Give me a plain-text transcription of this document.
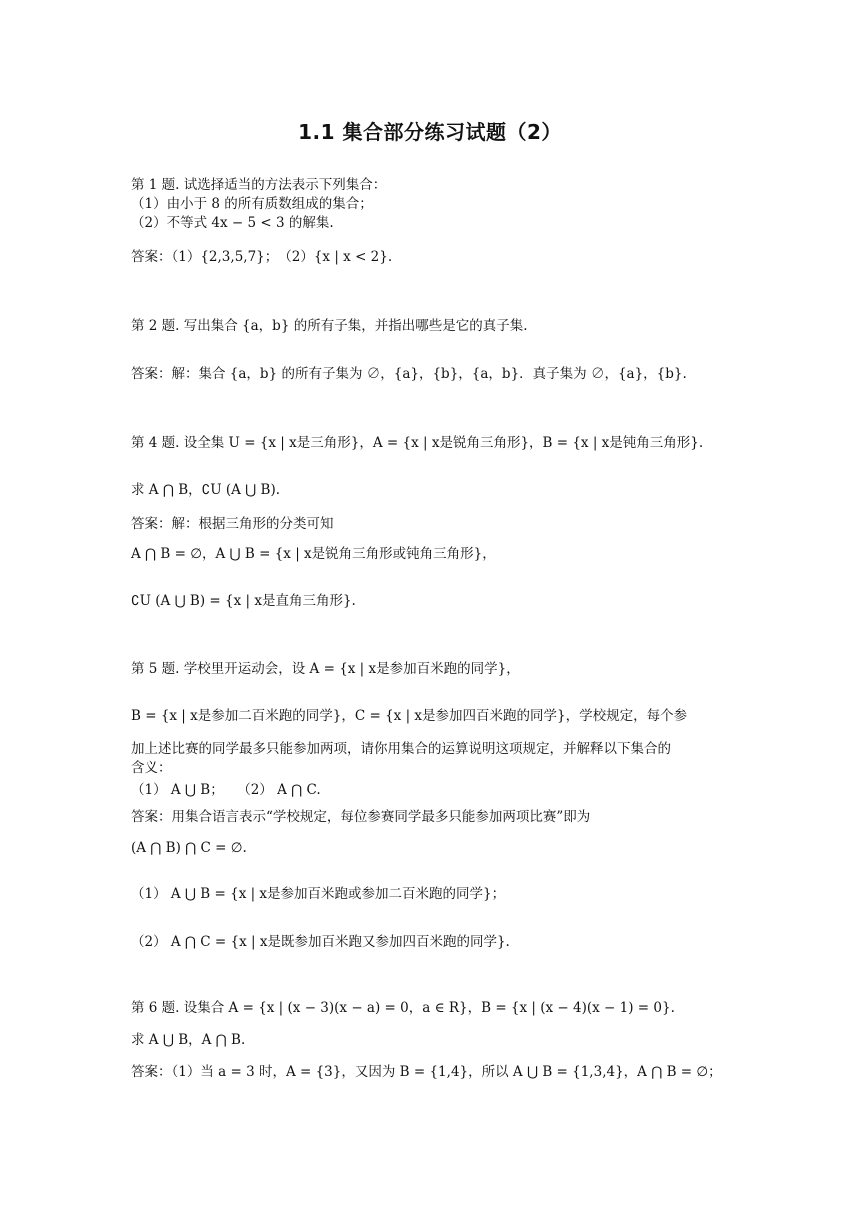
1.1 集合部分练习试题（2）
第 1 题. 试选择适当的方法表示下列集合：
（1）由小于 8 的所有质数组成的集合；
（2）不等式 4x − 5 < 3 的解集.
答案：（1）{2,3,5,7}；　（2）{x | x < 2}.
第 2 题. 写出集合 {a，b} 的所有子集，并指出哪些是它的真子集.
答案：解：集合 {a，b} 的所有子集为 ∅，{a}，{b}，{a，b}．真子集为 ∅，{a}，{b}.
第 4 题. 设全集 U = {x | x是三角形}，A = {x | x是锐角三角形}，B = {x | x是钝角三角形}.
求 A ⋂ B，∁U (A ⋃ B).
答案：解：根据三角形的分类可知
A ⋂ B = ∅，A ⋃ B = {x | x是锐角三角形或钝角三角形}，
∁U (A ⋃ B) = {x | x是直角三角形}.
第 5 题. 学校里开运动会，设 A = {x | x是参加百米跑的同学}，
B = {x | x是参加二百米跑的同学}，C = {x | x是参加四百米跑的同学}，学校规定，每个参
加上述比赛的同学最多只能参加两项，请你用集合的运算说明这项规定，并解释以下集合的
含义：
（1） A ⋃ B；　　（2） A ⋂ C.
答案：用集合语言表示“学校规定，每位参赛同学最多只能参加两项比赛”即为
(A ⋂ B) ⋂ C = ∅.
（1） A ⋃ B = {x | x是参加百米跑或参加二百米跑的同学}；
（2） A ⋂ C = {x | x是既参加百米跑又参加四百米跑的同学}.
第 6 题. 设集合 A = {x | (x − 3)(x − a) = 0，a ∈ R}，B = {x | (x − 4)(x − 1) = 0}.
求 A ⋃ B，A ⋂ B.
答案：（1）当 a = 3 时，A = {3}，又因为 B = {1,4}，所以 A ⋃ B = {1,3,4}，A ⋂ B = ∅；
